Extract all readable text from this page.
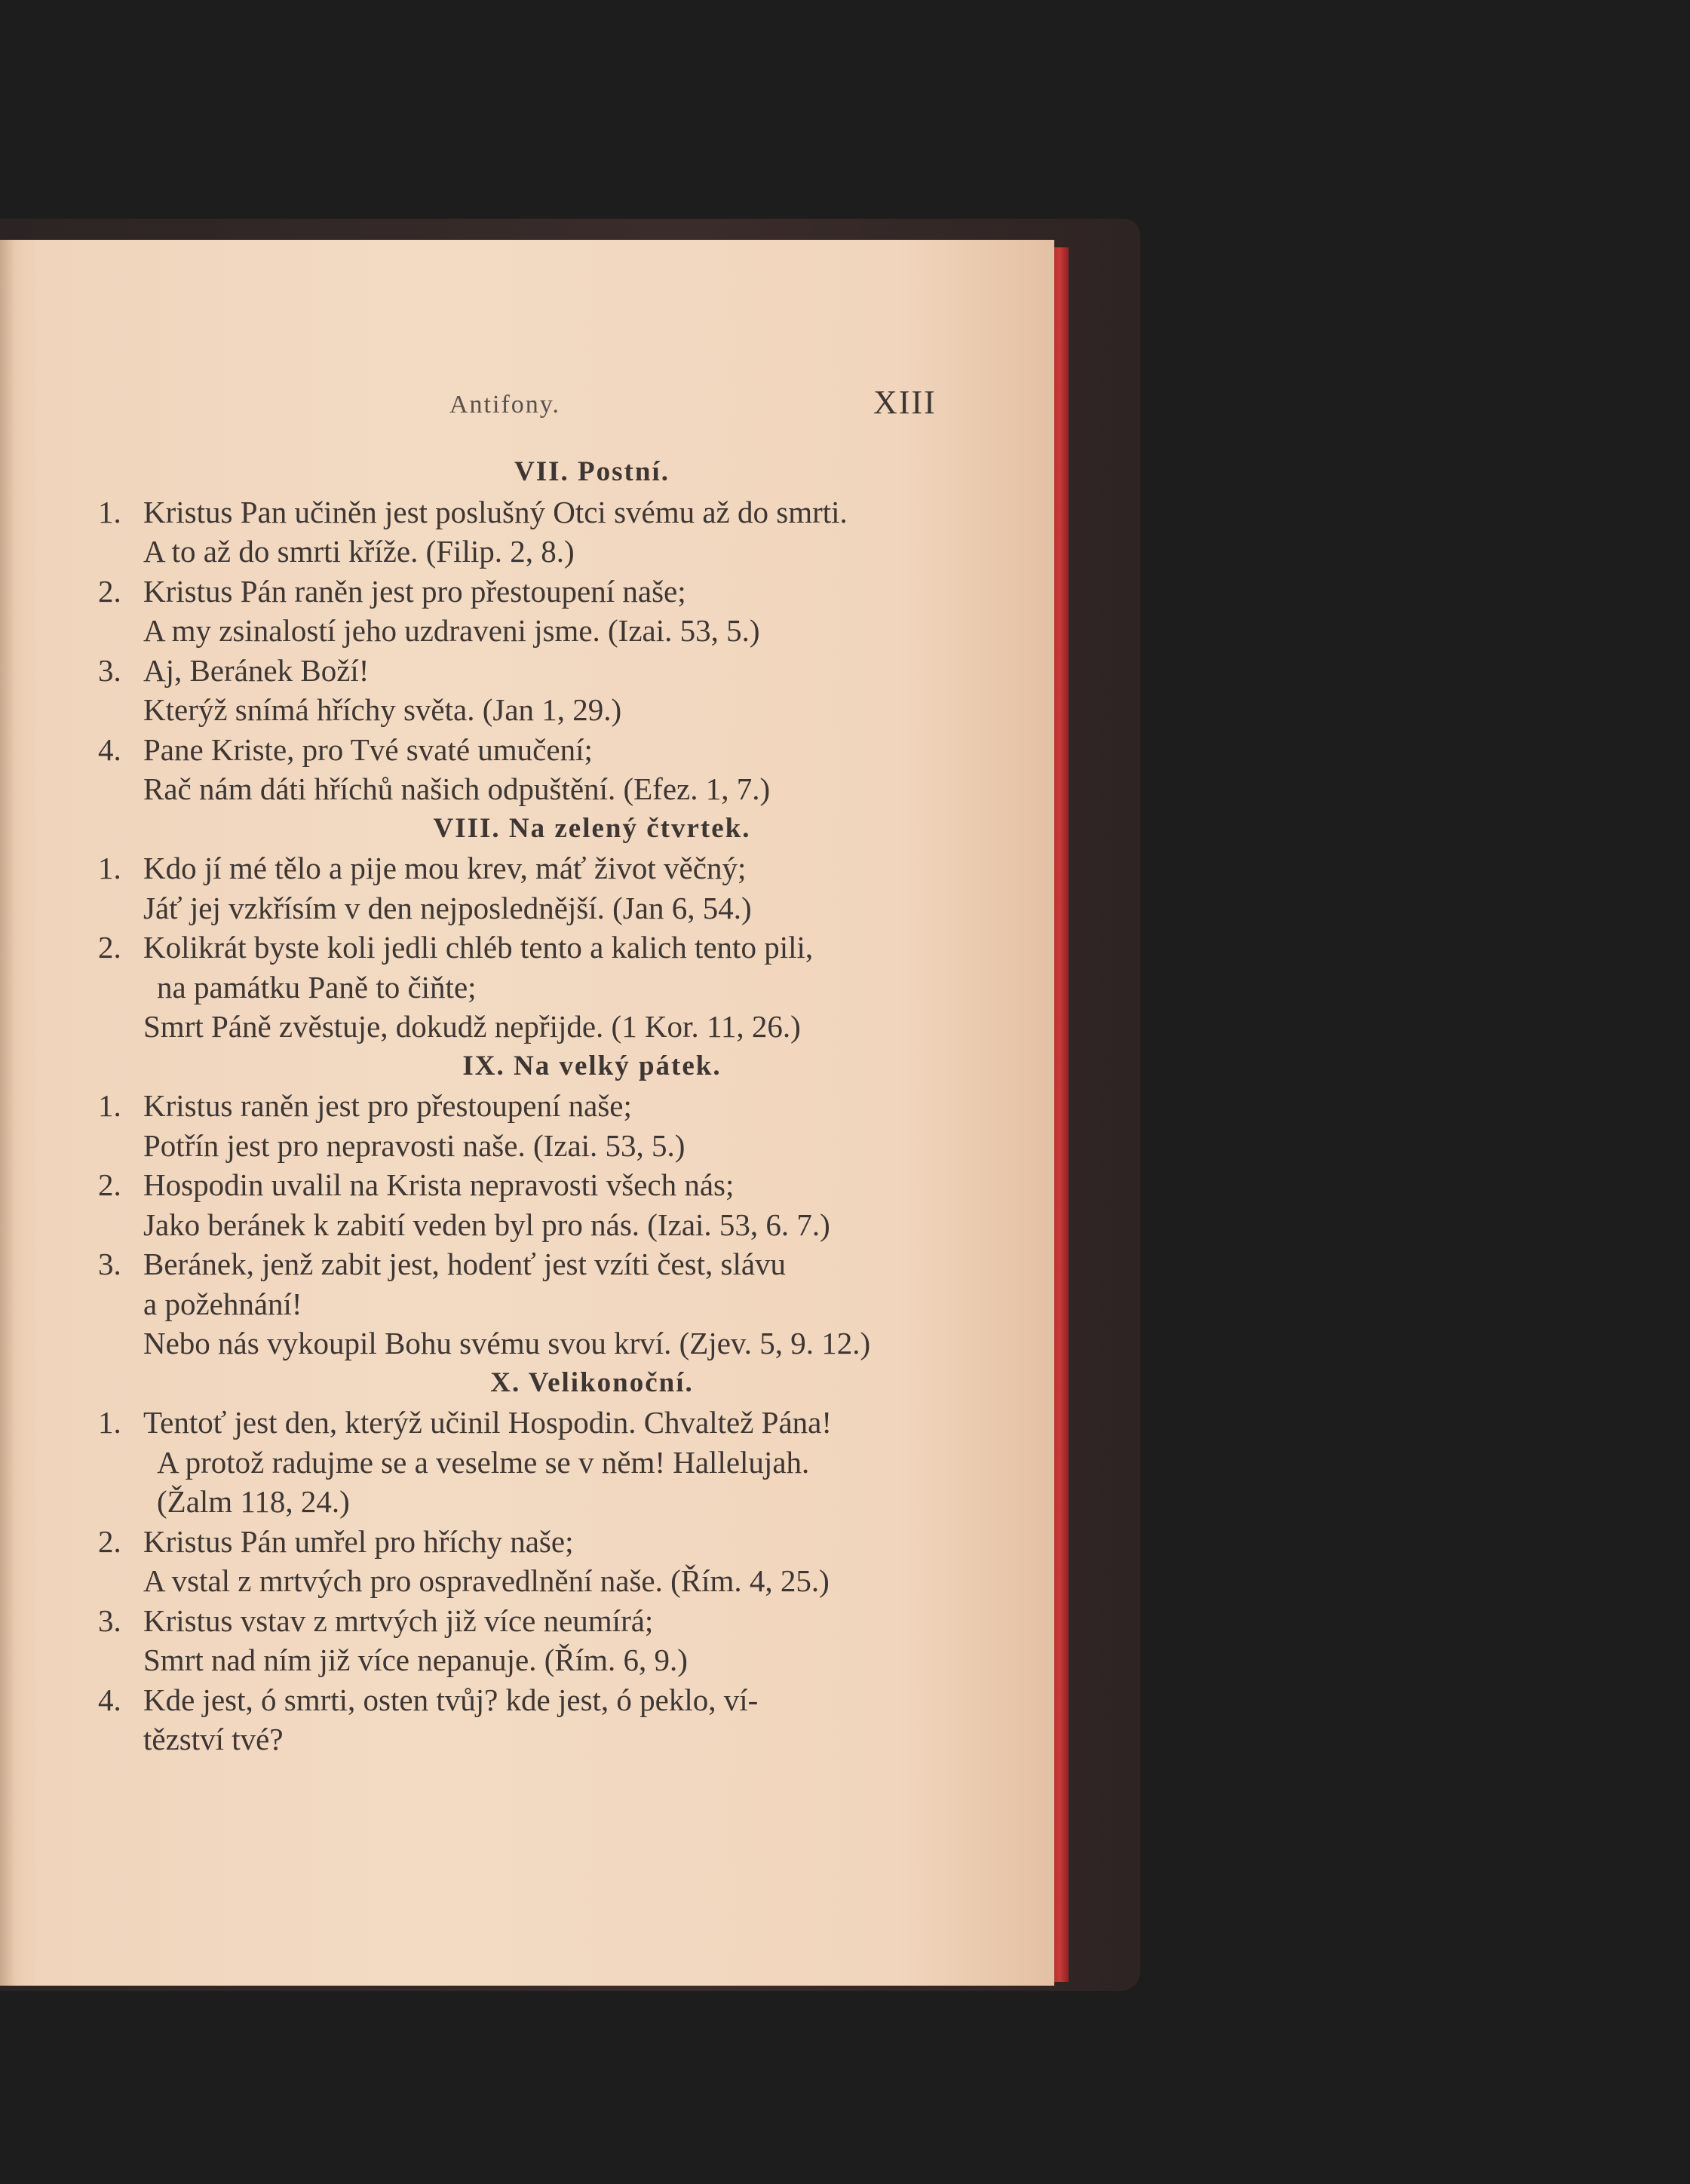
Antifony.	XIII
VII. Postní.
1. Kristus Pan učiněn jest poslušný Otci svému až do smrti.
A to až do smrti kříže. (Filip. 2, 8.)
2. Kristus Pán raněn jest pro přestoupení naše;
A my zsinalostí jeho uzdraveni jsme. (Izai. 53, 5.)
3. Aj, Beránek Boží!
Kterýž snímá hříchy světa. (Jan 1, 29.)
4. Pane Kriste, pro Tvé svaté umučení;
Rač nám dáti hříchů našich odpuštění. (Efez. 1, 7.)
VIII. Na zelený čtvrtek.
1. Kdo jí mé tělo a pije mou krev, máť život věčný;
Jáť jej vzkřísím v den nejposlednější. (Jan 6, 54.)
2. Kolikrát byste koli jedli chléb tento a kalich tento pili,
na památku Paně to čiňte;
Smrt Páně zvěstuje, dokudž nepřijde. (1 Kor. 11, 26.)
IX. Na velký pátek.
1. Kristus raněn jest pro přestoupení naše;
Potřín jest pro nepravosti naše. (Izai. 53, 5.)
2. Hospodin uvalil na Krista nepravosti všech nás;
Jako beránek k zabití veden byl pro nás. (Izai. 53, 6. 7.)
3. Beránek, jenž zabit jest, hodenť jest vzíti čest, slávu
a požehnání!
Nebo nás vykoupil Bohu svému svou krví. (Zjev. 5, 9. 12.)
X. Velikonoční.
1. Tentoť jest den, kterýž učinil Hospodin. Chvaltež Pána!
A protož radujme se a veselme se v něm! Hallelujah.
(Žalm 118, 24.)
2. Kristus Pán umřel pro hříchy naše;
A vstal z mrtvých pro ospravedlnění naše. (Řím. 4, 25.)
3. Kristus vstav z mrtvých již více neumírá;
Smrt nad ním již více nepanuje. (Řím. 6, 9.)
4. Kde jest, ó smrti, osten tvůj? kde jest, ó peklo, ví-
tězství tvé?
